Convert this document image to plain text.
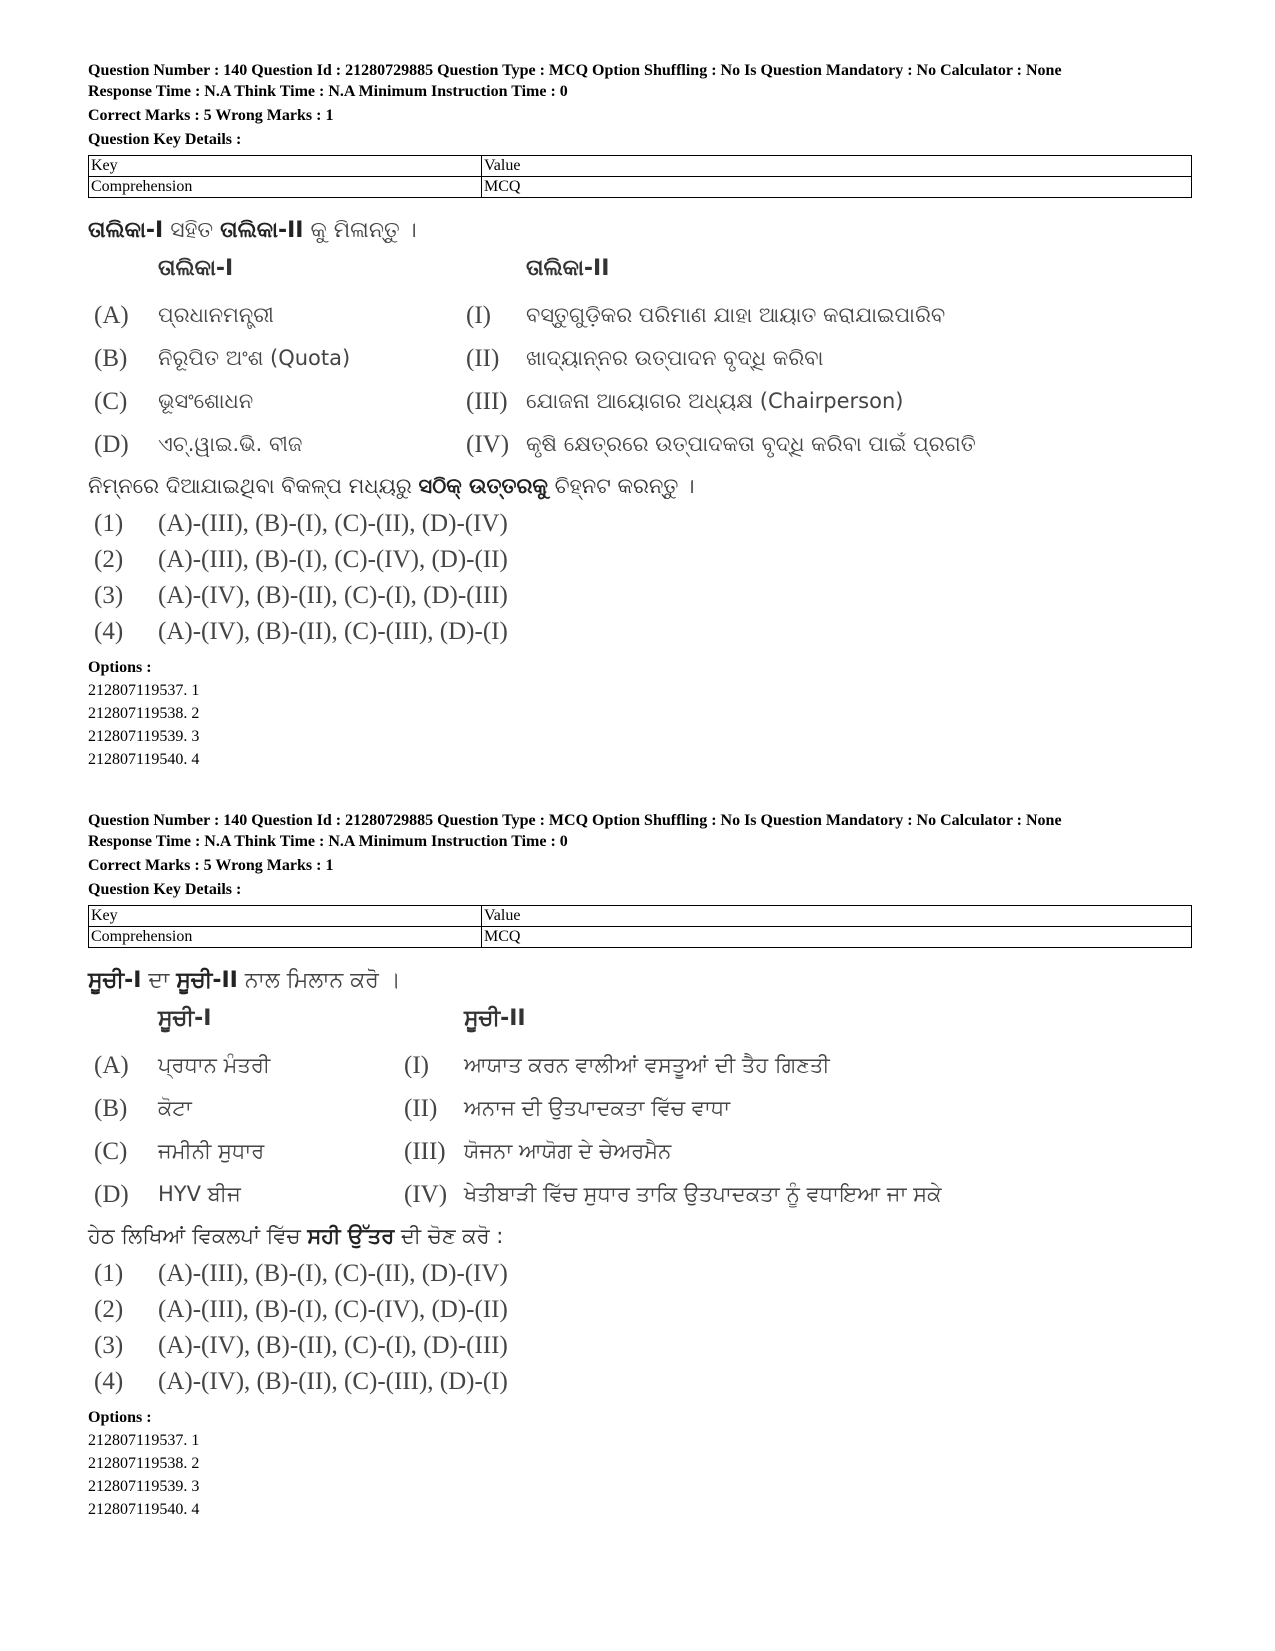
Question Number : 140 Question Id : 21280729885 Question Type : MCQ Option Shuffling : No Is Question Mandatory : No Calculator : None

Response Time : N.A Think Time : N.A Minimum Instruction Time : 0

Correct Marks : 5 Wrong Marks : 1

Question Key Details :

Key	Value
Comprehension	MCQ
ତାଲିକା-I ସହିତ ତାଲିକା-II କୁ ମିଳାନ୍ତୁ ।
ତାଲିକା-I	ତାଲିକା-II
(A) ପ୍ରଧାନମନ୍ତ୍ରୀ	(I) ବସ୍ତୁଗୁଡ଼ିକର ପରିମାଣ ଯାହା ଆୟାତ କରାଯାଇପାରିବ
(B) ନିରୂପିତ ଅଂଶ (Quota)	(II) ଖାଦ୍ୟାନ୍ନର ଉତ୍ପାଦନ ବୃଦ୍ଧି କରିବା
(C) ଭୂସଂଶୋଧନ	(III) ଯୋଜନା ଆୟୋଗର ଅଧ୍ୟକ୍ଷ (Chairperson)
(D) ଏଚ୍.ୱାଇ.ଭି. ବୀଜ	(IV) କୃଷି କ୍ଷେତ୍ରରେ ଉତ୍ପାଦକତା ବୃଦ୍ଧି କରିବା ପାଇଁ ପ୍ରଗତି
ନିମ୍ନରେ ଦିଆଯାଇଥିବା ବିକଳ୍ପ ମଧ୍ୟରୁ ସଠିକ୍ ଉତ୍ତରକୁ ଚିହ୍ନଟ କରନ୍ତୁ ।
(1) (A)-(III), (B)-(I), (C)-(II), (D)-(IV)
(2) (A)-(III), (B)-(I), (C)-(IV), (D)-(II)
(3) (A)-(IV), (B)-(II), (C)-(I), (D)-(III)
(4) (A)-(IV), (B)-(II), (C)-(III), (D)-(I)
Options :
212807119537. 1
212807119538. 2
212807119539. 3
212807119540. 4

Question Number : 140 Question Id : 21280729885 Question Type : MCQ Option Shuffling : No Is Question Mandatory : No Calculator : None

Response Time : N.A Think Time : N.A Minimum Instruction Time : 0

Correct Marks : 5 Wrong Marks : 1

Question Key Details :

Key	Value
Comprehension	MCQ
ਸੂਚੀ-I ਦਾ ਸੂਚੀ-II ਨਾਲ ਮਿਲਾਨ ਕਰੋ ।
ਸੂਚੀ-I	ਸੂਚੀ-II
(A) ਪ੍ਰਧਾਨ ਮੰਤਰੀ	(I) ਆਯਾਤ ਕਰਨ ਵਾਲੀਆਂ ਵਸਤੂਆਂ ਦੀ ਤੈਹ ਗਿਣਤੀ
(B) ਕੋਟਾ	(II) ਅਨਾਜ ਦੀ ਉਤਪਾਦਕਤਾ ਵਿੱਚ ਵਾਧਾ
(C) ਜਮੀਨੀ ਸੁਧਾਰ	(III) ਯੋਜਨਾ ਆਯੋਗ ਦੇ ਚੇਅਰਮੈਨ
(D) HYV ਬੀਜ	(IV) ਖੇਤੀਬਾੜੀ ਵਿੱਚ ਸੁਧਾਰ ਤਾਕਿ ਉਤਪਾਦਕਤਾ ਨੂੰ ਵਧਾਇਆ ਜਾ ਸਕੇ
ਹੇਠ ਲਿਖਿਆਂ ਵਿਕਲਪਾਂ ਵਿੱਚ ਸਹੀ ਉੱਤਰ ਦੀ ਚੋਣ ਕਰੋ :
(1) (A)-(III), (B)-(I), (C)-(II), (D)-(IV)
(2) (A)-(III), (B)-(I), (C)-(IV), (D)-(II)
(3) (A)-(IV), (B)-(II), (C)-(I), (D)-(III)
(4) (A)-(IV), (B)-(II), (C)-(III), (D)-(I)
Options :
212807119537. 1
212807119538. 2
212807119539. 3
212807119540. 4
